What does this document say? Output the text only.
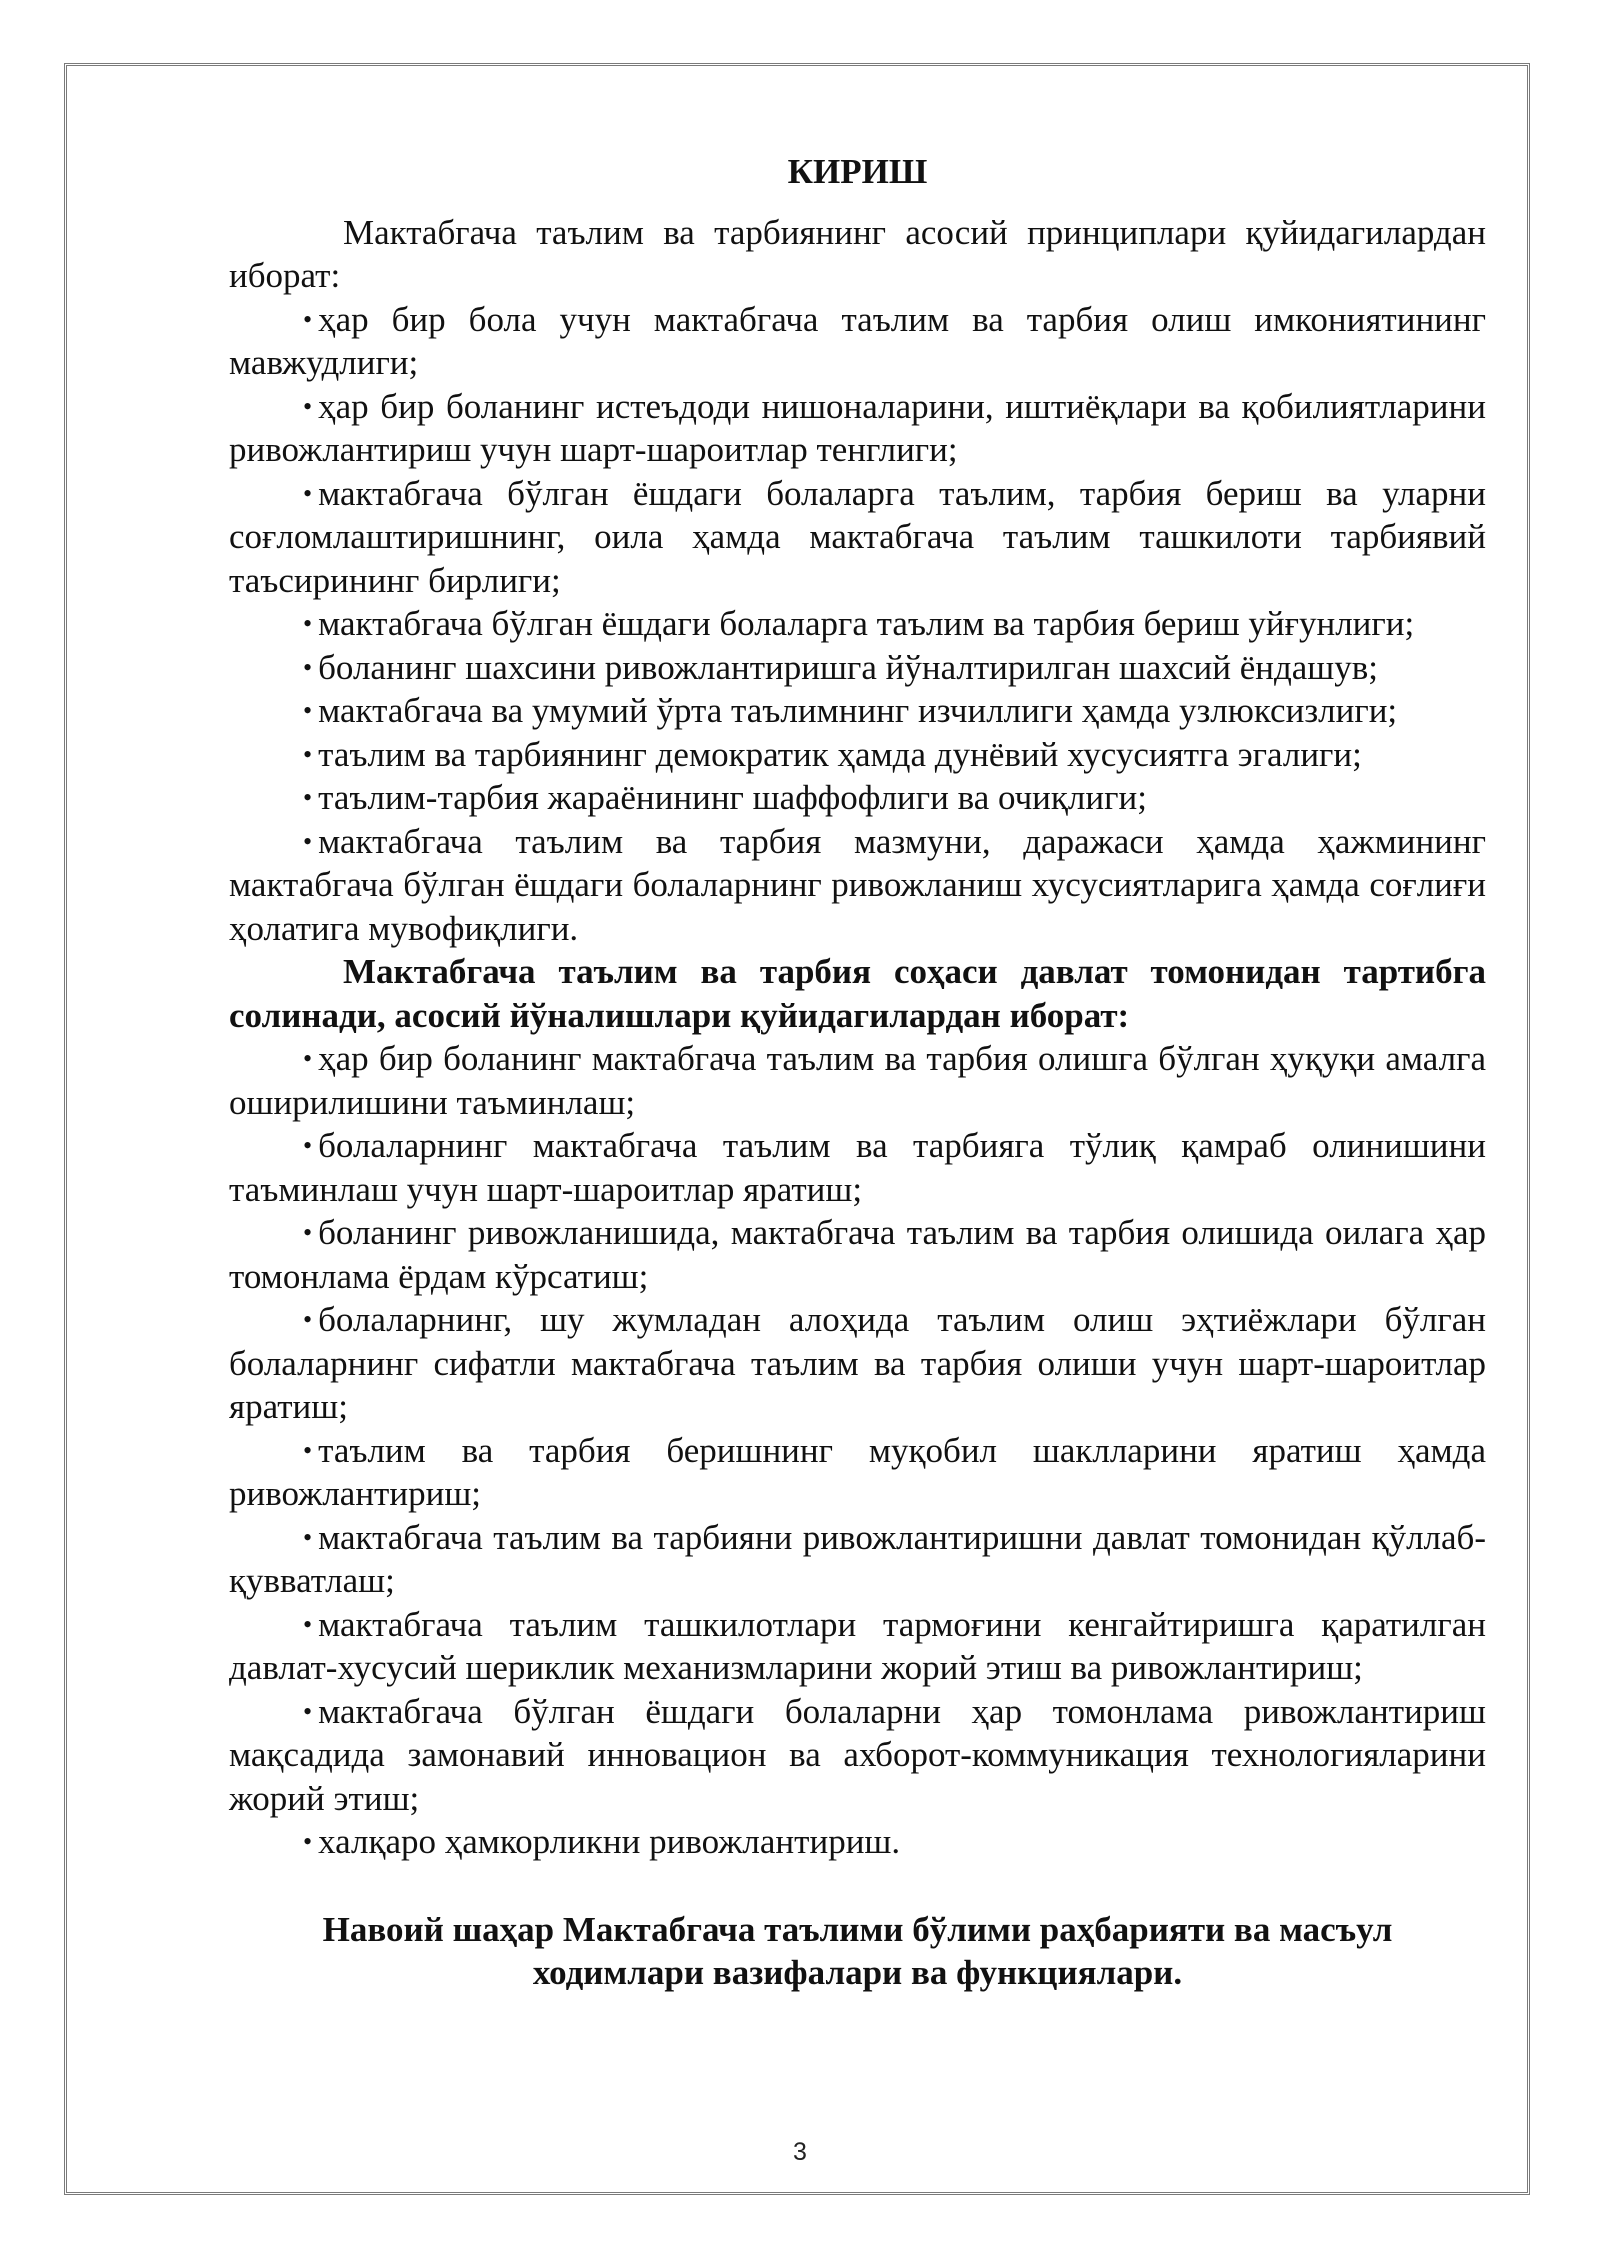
КИРИШ

Мактабгача таълим ва тарбиянинг асосий принциплари қуйидагилардан иборат:

• ҳар бир бола учун мактабгача таълим ва тарбия олиш имкониятининг мавжудлиги;

• ҳар бир боланинг истеъдоди нишоналарини, иштиёқлари ва қобилиятларини ривожлантириш учун шарт-шароитлар тенглиги;

• мактабгача бўлган ёшдаги болаларга таълим, тарбия бериш ва уларни соғломлаштиришнинг, оила ҳамда мактабгача таълим ташкилоти тарбиявий таъсирининг бирлиги;

• мактабгача бўлган ёшдаги болаларга таълим ва тарбия бериш уйғунлиги;

• боланинг шахсини ривожлантиришга йўналтирилган шахсий ёндашув;

• мактабгача ва умумий ўрта таълимнинг изчиллиги ҳамда узлюксизлиги;

• таълим ва тарбиянинг демократик ҳамда дунёвий хусусиятга эгалиги;

• таълим-тарбия жараёнининг шаффофлиги ва очиқлиги;

• мактабгача таълим ва тарбия мазмуни, даражаси ҳамда ҳажмининг мактабгача бўлган ёшдаги болаларнинг ривожланиш хусусиятларига ҳамда соғлиғи ҳолатига мувофиқлиги.

Мактабгача таълим ва тарбия соҳаси давлат томонидан тартибга солинади, асосий йўналишлари қуйидагилардан иборат:

• ҳар бир боланинг мактабгача таълим ва тарбия олишга бўлган ҳуқуқи амалга оширилишини таъминлаш;

• болаларнинг мактабгача таълим ва тарбияга тўлиқ қамраб олинишини таъминлаш учун шарт-шароитлар яратиш;

• боланинг ривожланишида, мактабгача таълим ва тарбия олишида оилага ҳар томонлама ёрдам кўрсатиш;

• болаларнинг, шу жумладан алоҳида таълим олиш эҳтиёжлари бўлган болаларнинг сифатли мактабгача таълим ва тарбия олиши учун шарт-шароитлар яратиш;

• таълим ва тарбия беришнинг муқобил шаклларини яратиш ҳамда ривожлантириш;

• мактабгача таълим ва тарбияни ривожлантиришни давлат томонидан қўллаб-қувватлаш;

• мактабгача таълим ташкилотлари тармоғини кенгайтиришга қаратилган давлат-хусусий шериклик механизмларини жорий этиш ва ривожлантириш;

• мактабгача бўлган ёшдаги болаларни ҳар томонлама ривожлантириш мақсадида замонавий инновацион ва ахборот-коммуникация технологияларини жорий этиш;

• халқаро ҳамкорликни ривожлантириш.

Навоий шаҳар Мактабгача таълими бўлими раҳбарияти ва масъул
ходимлари вазифалари ва функциялари.
3
